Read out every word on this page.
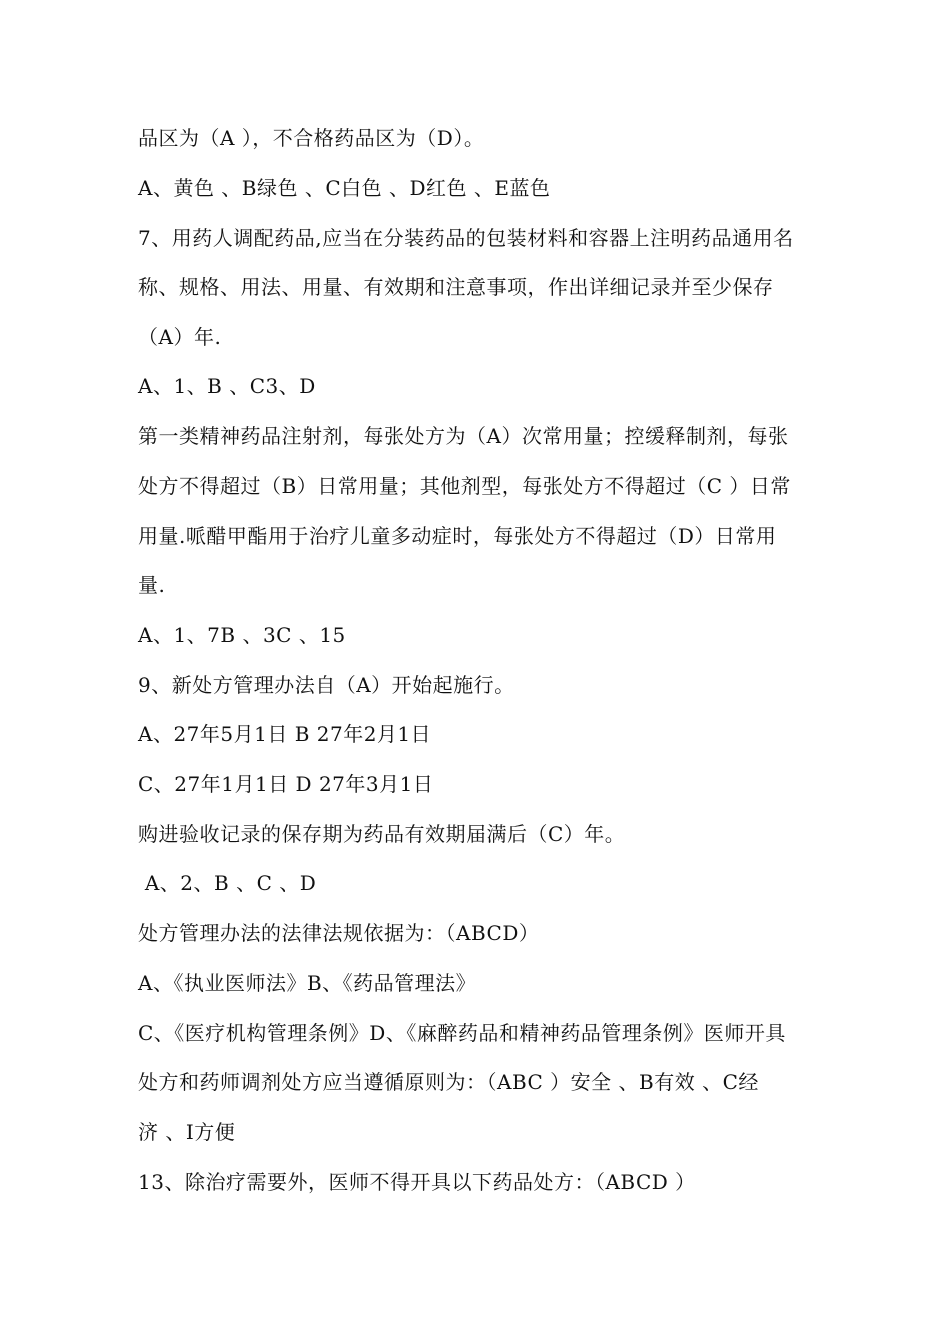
品区为（A ），不合格药品区为（D）。
A、黄色 、B绿色 、C白色 、D红色 、E蓝色
7、用药人调配药品,应当在分装药品的包装材料和容器上注明药品通用名
称、规格、用法、用量、有效期和注意事项，作出详细记录并至少保存
（A）年.
A、1、B 、C3、D
第一类精神药品注射剂，每张处方为（A）次常用量；控缓释制剂，每张
处方不得超过（B）日常用量；其他剂型，每张处方不得超过（C ）日常
用量.哌醋甲酯用于治疗儿童多动症时，每张处方不得超过（D）日常用
量.
A、1、7B 、3C 、15
9、新处方管理办法自（A）开始起施行。
A、27年5月1日 B 27年2月1日
C、27年1月1日 D 27年3月1日
购进验收记录的保存期为药品有效期届满后（C）年。
A、2、B 、C 、D
处方管理办法的法律法规依据为：（ABCD）
A、《执业医师法》B、《药品管理法》
C、《医疗机构管理条例》D、《麻醉药品和精神药品管理条例》医师开具
处方和药师调剂处方应当遵循原则为：（ABC ）安全 、B有效 、C经
济 、I方便
13、除治疗需要外，医师不得开具以下药品处方：（ABCD ）
